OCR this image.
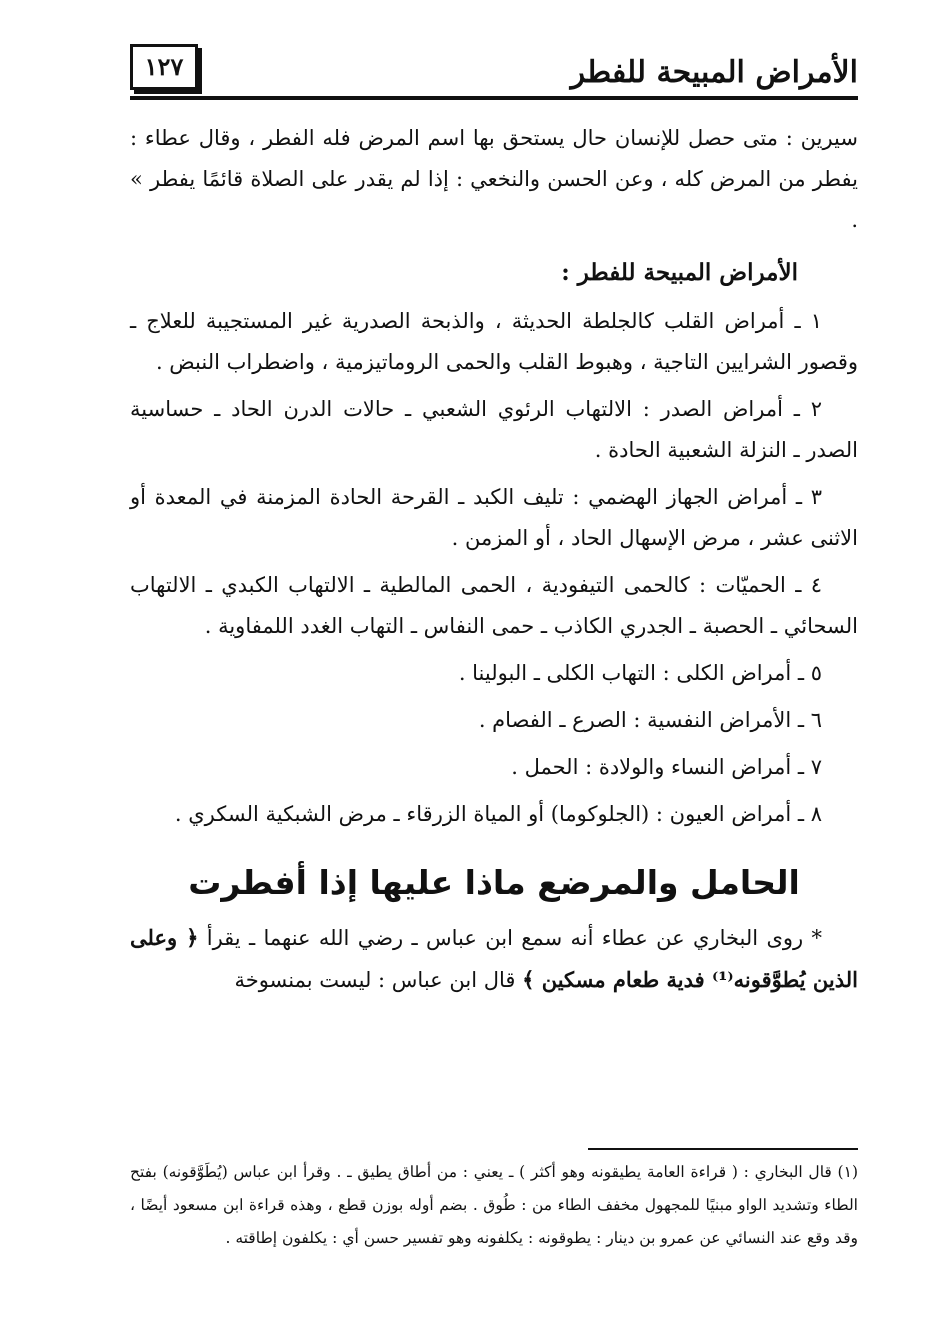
الأمراض المبيحة للفطر
١٢٧

سيرين : متى حصل للإنسان حال يستحق بها اسم المرض فله الفطر ، وقال عطاء : يفطر من المرض كله ، وعن الحسن والنخعي : إذا لم يقدر على الصلاة قائمًا يفطر » .

الأمراض المبيحة للفطر :

١ ـ أمراض القلب كالجلطة الحديثة ، والذبحة الصدرية غير المستجيبة للعلاج ـ وقصور الشرايين التاجية ، وهبوط القلب والحمى الروماتيزمية ، واضطراب النبض .

٢ ـ أمراض الصدر : الالتهاب الرئوي الشعبي ـ حالات الدرن الحاد ـ حساسية الصدر ـ النزلة الشعبية الحادة .

٣ ـ أمراض الجهاز الهضمي : تليف الكبد ـ القرحة الحادة المزمنة في المعدة أو الاثنى عشر ، مرض الإسهال الحاد ، أو المزمن .

٤ ـ الحميّات : كالحمى التيفودية ، الحمى المالطية ـ الالتهاب الكبدي ـ الالتهاب السحائي ـ الحصبة ـ الجدري الكاذب ـ حمى النفاس ـ التهاب الغدد اللمفاوية .

٥ ـ أمراض الكلى : التهاب الكلى ـ البولينا .

٦ ـ الأمراض النفسية : الصرع ـ الفصام .

٧ ـ أمراض النساء والولادة : الحمل .

٨ ـ أمراض العيون : (الجلوكوما) أو المياة الزرقاء ـ مرض الشبكية السكري .

الحامل والمرضع ماذا عليها إذا أفطرت

* روى البخاري عن عطاء أنه سمع ابن عباس ـ رضي الله عنهما ـ يقرأ ﴿ وعلى الذين يُطوَّقونه⁽¹⁾ فدية طعام مسكين ﴾ قال ابن عباس : ليست بمنسوخة

(١) قال البخاري : ( قراءة العامة يطيقونه وهو أكثر ) ـ يعني : من أطاق يطيق ـ . وقرأ ابن عباس (يُطَوَّقونه) بفتح الطاء وتشديد الواو مبنيًا للمجهول مخفف الطاء من : طُوق . بضم أوله بوزن قطع ، وهذه قراءة ابن مسعود أيضًا ، وقد وقع عند النسائي عن عمرو بن دينار : يطوقونه : يكلفونه وهو تفسير حسن أي : يكلفون إطاقته .
